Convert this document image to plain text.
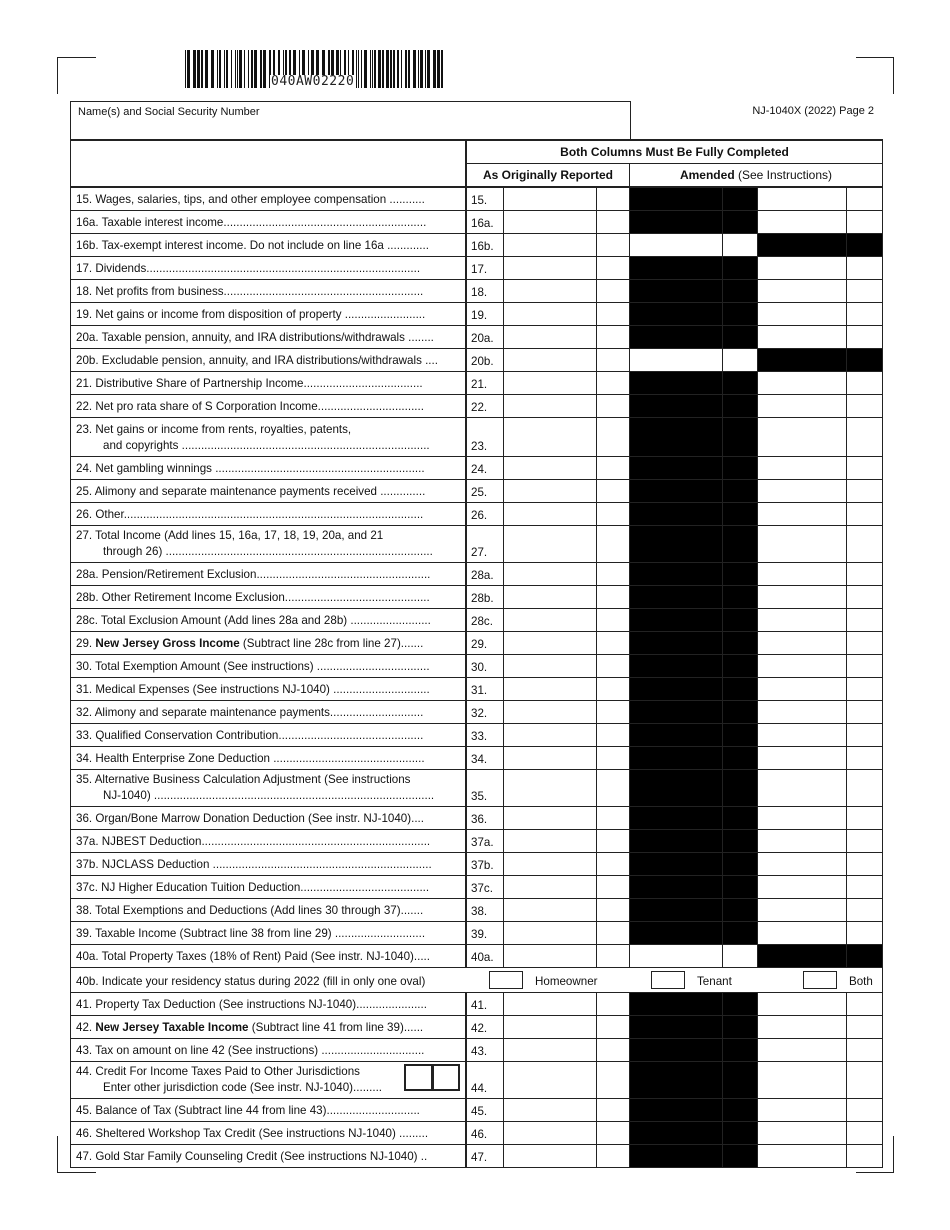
040AW02220
Name(s) and Social Security Number	NJ-1040X (2022) Page 2
Both Columns Must Be Fully Completed
As Originally Reported	Amended (See Instructions)
15. Wages, salaries, tips, and other employee compensation ...........	15.
16a. Taxable interest income...............................................................	16a.
16b. Tax-exempt interest income. Do not include on line 16a .............	16b.
17. Dividends.....................................................................................	17.
18. Net profits from business..............................................................	18.
19. Net gains or income from disposition of property .........................	19.
20a. Taxable pension, annuity, and IRA distributions/withdrawals ........	20a.
20b. Excludable pension, annuity, and IRA distributions/withdrawals ....	20b.
21. Distributive Share of Partnership Income.....................................	21.
22. Net pro rata share of S Corporation Income.................................	22.
23. Net gains or income from rents, royalties, patents,
and copyrights .............................................................................	23.
24. Net gambling winnings .................................................................	24.
25. Alimony and separate maintenance payments received ..............	25.
26. Other.............................................................................................	26.
27. Total Income (Add lines 15, 16a, 17, 18, 19, 20a, and 21
through 26) ...................................................................................	27.
28a. Pension/Retirement Exclusion......................................................	28a.
28b. Other Retirement Income Exclusion.............................................	28b.
28c. Total Exclusion Amount (Add lines 28a and 28b) .........................	28c.
29. New Jersey Gross Income (Subtract line 28c from line 27).......	29.
30. Total Exemption Amount (See instructions) ...................................	30.
31. Medical Expenses (See instructions NJ-1040) ..............................	31.
32. Alimony and separate maintenance payments.............................	32.
33. Qualified Conservation Contribution.............................................	33.
34. Health Enterprise Zone Deduction ...............................................	34.
35. Alternative Business Calculation Adjustment (See instructions
NJ-1040) .......................................................................................	35.
36. Organ/Bone Marrow Donation Deduction (See instr. NJ-1040)....	36.
37a. NJBEST Deduction.......................................................................	37a.
37b. NJCLASS Deduction ....................................................................	37b.
37c. NJ Higher Education Tuition Deduction........................................	37c.
38. Total Exemptions and Deductions (Add lines 30 through 37).......	38.
39. Taxable Income (Subtract line 38 from line 29) ............................	39.
40a. Total Property Taxes (18% of Rent) Paid (See instr. NJ-1040).....	40a.
40b. Indicate your residency status during 2022 (fill in only one oval)	Homeowner	Tenant	Both
41. Property Tax Deduction (See instructions NJ-1040)......................	41.
42. New Jersey Taxable Income (Subtract line 41 from line 39)......	42.
43. Tax on amount on line 42 (See instructions) ................................	43.
44. Credit For Income Taxes Paid to Other Jurisdictions
Enter other jurisdiction code (See instr. NJ-1040).........	44.
45. Balance of Tax (Subtract line 44 from line 43).............................	45.
46. Sheltered Workshop Tax Credit (See instructions NJ-1040) .........	46.
47. Gold Star Family Counseling Credit (See instructions NJ-1040) ..	47.
